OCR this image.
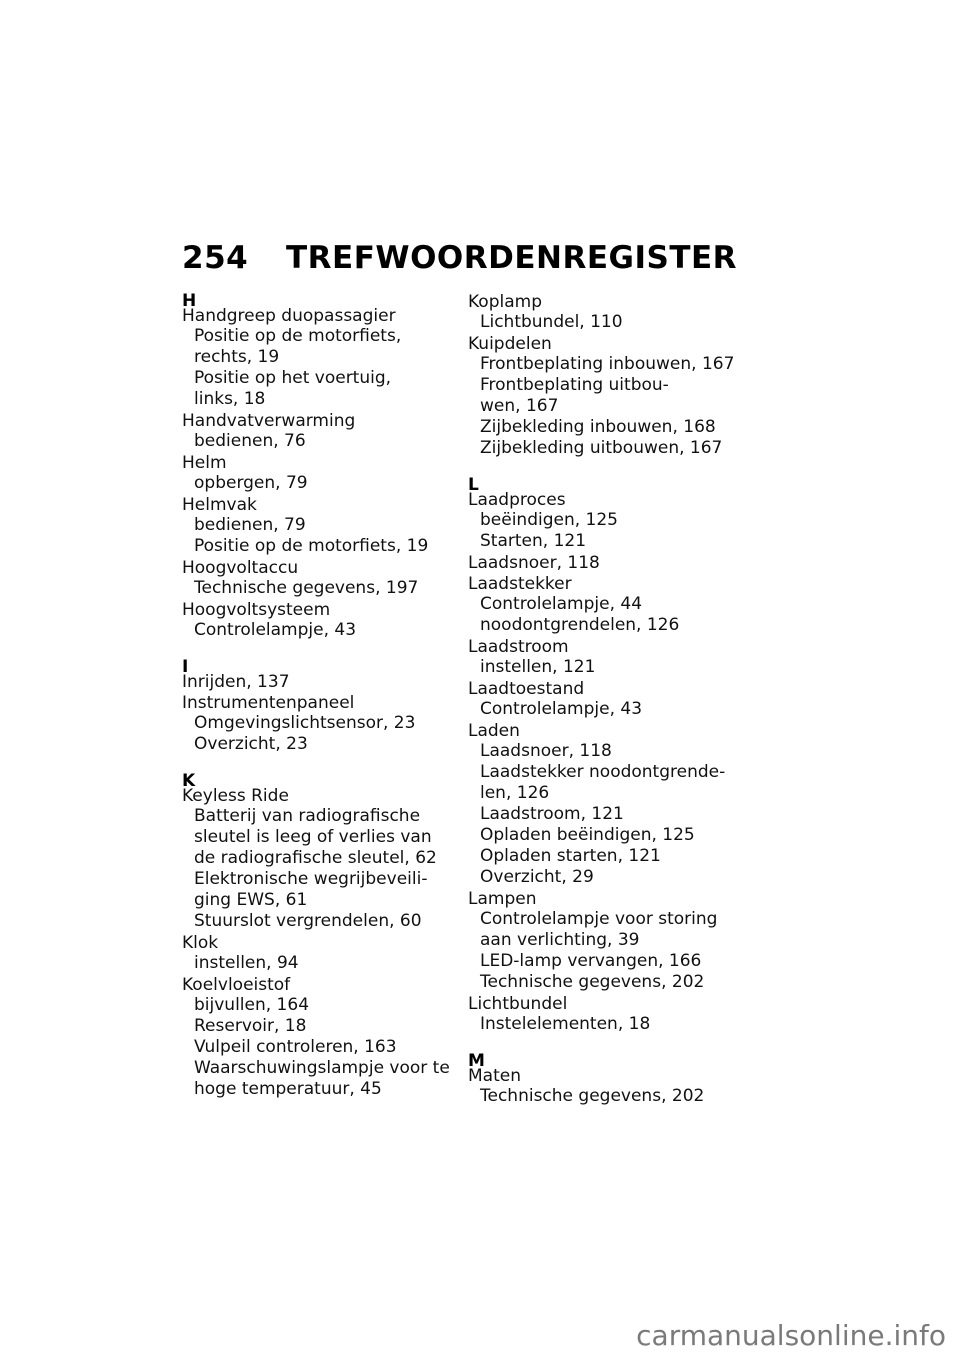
254 TREFWOORDENREGISTER
H
Handgreep duopassagier
Positie op de motorfiets,
rechts, 19
Positie op het voertuig,
links, 18
Handvatverwarming
bedienen, 76
Helm
opbergen, 79
Helmvak
bedienen, 79
Positie op de motorfiets, 19
Hoogvoltaccu
Technische gegevens, 197
Hoogvoltsysteem
Controlelampje, 43
I
Inrijden, 137
Instrumentenpaneel
Omgevingslichtsensor, 23
Overzicht, 23
K
Keyless Ride
Batterij van radiografische
sleutel is leeg of verlies van
de radiografische sleutel, 62
Elektronische wegrijbeveili-
ging EWS, 61
Stuurslot vergrendelen, 60
Klok
instellen, 94
Koelvloeistof
bijvullen, 164
Reservoir, 18
Vulpeil controleren, 163
Waarschuwingslampje voor te
hoge temperatuur, 45
Koplamp
Lichtbundel, 110
Kuipdelen
Frontbeplating inbouwen, 167
Frontbeplating uitbou-
wen, 167
Zijbekleding inbouwen, 168
Zijbekleding uitbouwen, 167
L
Laadproces
beëindigen, 125
Starten, 121
Laadsnoer, 118
Laadstekker
Controlelampje, 44
noodontgrendelen, 126
Laadstroom
instellen, 121
Laadtoestand
Controlelampje, 43
Laden
Laadsnoer, 118
Laadstekker noodontgrende-
len, 126
Laadstroom, 121
Opladen beëindigen, 125
Opladen starten, 121
Overzicht, 29
Lampen
Controlelampje voor storing
aan verlichting, 39
LED-lamp vervangen, 166
Technische gegevens, 202
Lichtbundel
Instelelementen, 18
M
Maten
Technische gegevens, 202
carmanualsonline.info
